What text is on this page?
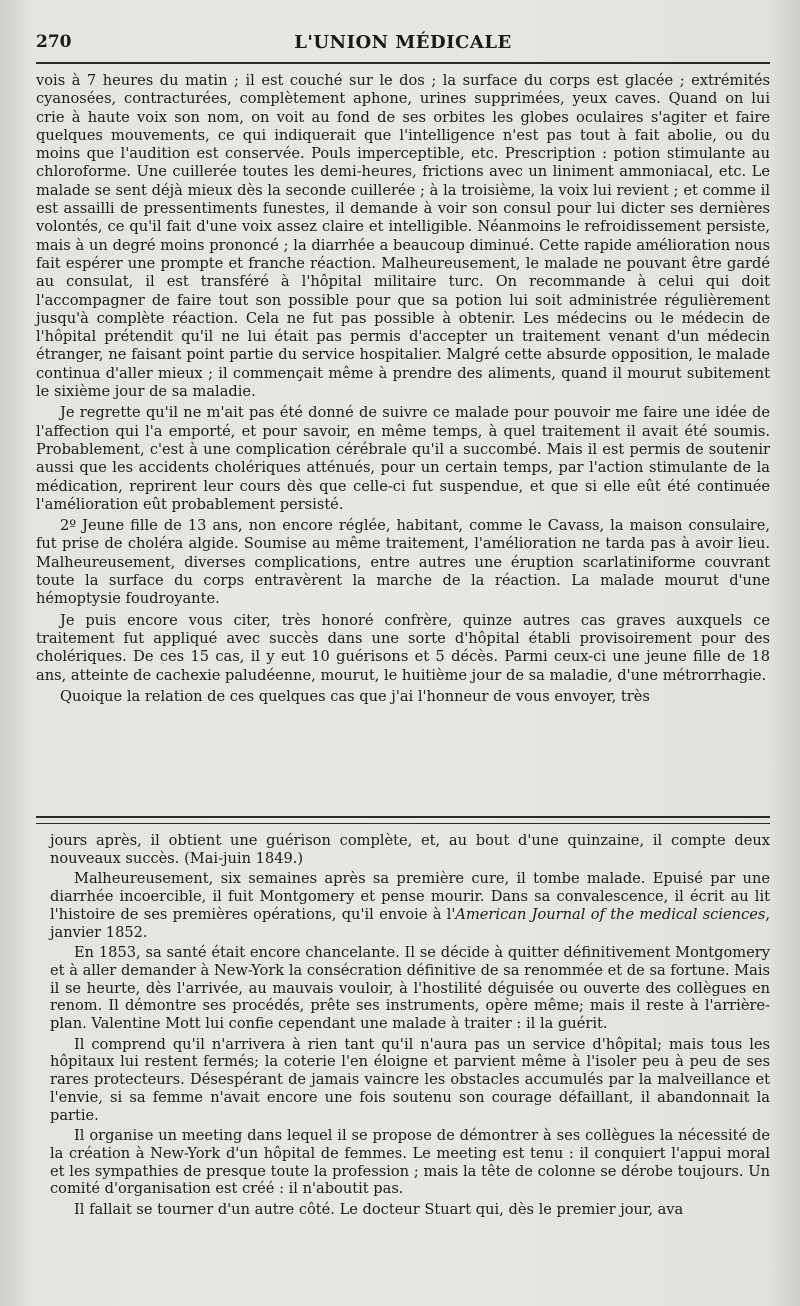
270	L'UNION MÉDICALE

vois à 7 heures du matin ; il est couché sur le dos ; la surface du corps est glacée ; extrémités cyanosées, contracturées, complètement aphone, urines supprimées, yeux caves. Quand on lui crie à haute voix son nom, on voit au fond de ses orbites les globes oculaires s'agiter et faire quelques mouvements, ce qui indiquerait que l'intelligence n'est pas tout à fait abolie, ou du moins que l'audition est conservée. Pouls imperceptible, etc. Prescription : potion stimulante au chloroforme. Une cuillerée toutes les demi-heures, frictions avec un liniment ammoniacal, etc. Le malade se sent déjà mieux dès la seconde cuillerée ; à la troisième, la voix lui revient ; et comme il est assailli de pressentiments funestes, il demande à voir son consul pour lui dicter ses dernières volontés, ce qu'il fait d'une voix assez claire et intelligible. Néanmoins le refroidissement persiste, mais à un degré moins prononcé ; la diarrhée a beaucoup diminué. Cette rapide amélioration nous fait espérer une prompte et franche réaction. Malheureusement, le malade ne pouvant être gardé au consulat, il est transféré à l'hôpital militaire turc. On recommande à celui qui doit l'accompagner de faire tout son possible pour que sa potion lui soit administrée régulièrement jusqu'à complète réaction. Cela ne fut pas possible à obtenir. Les médecins ou le médecin de l'hôpital prétendit qu'il ne lui était pas permis d'accepter un traitement venant d'un médecin étranger, ne faisant point partie du service hospitalier. Malgré cette absurde opposition, le malade continua d'aller mieux ; il commençait même à prendre des aliments, quand il mourut subitement le sixième jour de sa maladie.

Je regrette qu'il ne m'ait pas été donné de suivre ce malade pour pouvoir me faire une idée de l'affection qui l'a emporté, et pour savoir, en même temps, à quel traitement il avait été soumis. Probablement, c'est à une complication cérébrale qu'il a succombé. Mais il est permis de soutenir aussi que les accidents cholériques atténués, pour un certain temps, par l'action stimulante de la médication, reprirent leur cours dès que celle-ci fut suspendue, et que si elle eût été continuée l'amélioration eût probablement persisté.

2º Jeune fille de 13 ans, non encore réglée, habitant, comme le Cavass, la maison consulaire, fut prise de choléra algide. Soumise au même traitement, l'amélioration ne tarda pas à avoir lieu. Malheureusement, diverses complications, entre autres une éruption scarlatiniforme couvrant toute la surface du corps entravèrent la marche de la réaction. La malade mourut d'une hémoptysie foudroyante.

Je puis encore vous citer, très honoré confrère, quinze autres cas graves auxquels ce traitement fut appliqué avec succès dans une sorte d'hôpital établi provisoirement pour des cholériques. De ces 15 cas, il y eut 10 guérisons et 5 décès. Parmi ceux-ci une jeune fille de 18 ans, atteinte de cachexie paludéenne, mourut, le huitième jour de sa maladie, d'une métrorrhagie.

Quoique la relation de ces quelques cas que j'ai l'honneur de vous envoyer, très

jours après, il obtient une guérison complète, et, au bout d'une quinzaine, il compte deux nouveaux succès. (Mai-juin 1849.)

Malheureusement, six semaines après sa première cure, il tombe malade. Epuisé par une diarrhée incoercible, il fuit Montgomery et pense mourir. Dans sa convalescence, il écrit au lit l'histoire de ses premières opérations, qu'il envoie à l'American Journal of the medical sciences, janvier 1852.

En 1853, sa santé était encore chancelante. Il se décide à quitter définitivement Montgomery et à aller demander à New-York la consécration définitive de sa renommée et de sa fortune. Mais il se heurte, dès l'arrivée, au mauvais vouloir, à l'hostilité déguisée ou ouverte des collègues en renom. Il démontre ses procédés, prête ses instruments, opère même; mais il reste à l'arrière-plan. Valentine Mott lui confie cependant une malade à traiter : il la guérit.

Il comprend qu'il n'arrivera à rien tant qu'il n'aura pas un service d'hôpital; mais tous les hôpitaux lui restent fermés; la coterie l'en éloigne et parvient même à l'isoler peu à peu de ses rares protecteurs. Désespérant de jamais vaincre les obstacles accumulés par la malveillance et l'envie, si sa femme n'avait encore une fois soutenu son courage défaillant, il abandonnait la partie.

Il organise un meeting dans lequel il se propose de démontrer à ses collègues la nécessité de la création à New-York d'un hôpital de femmes. Le meeting est tenu : il conquiert l'appui moral et les sympathies de presque toute la profession ; mais la tête de colonne se dérobe toujours. Un comité d'organisation est créé : il n'aboutit pas.

Il fallait se tourner d'un autre côté. Le docteur Stuart qui, dès le premier jour, ava
